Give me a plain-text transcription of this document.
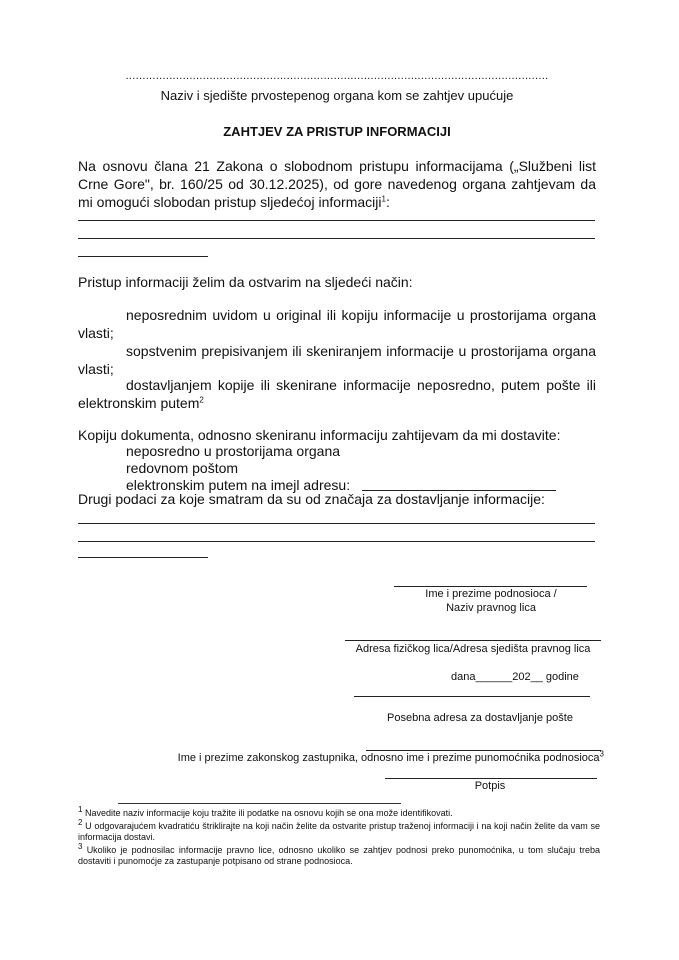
..............................................................................................................................
Naziv i sjedište prvostepenog organa kom se zahtjev upućuje
ZAHTJEV ZA PRISTUP INFORMACIJI
Na osnovu člana 21 Zakona o slobodnom pristupu informacijama („Službeni list Crne Gore", br. 160/25 od 30.12.2025), od gore navedenog organa zahtjevam da mi omogući slobodan pristup sljedećoj informaciji$^1$:
Pristup informaciji želim da ostvarim na sljedeći način:
neposrednim uvidom u original ili kopiju informacije u prostorijama organa vlasti;
sopstvenim prepisivanjem ili skeniranjem informacije u prostorijama organa vlasti;
dostavljanjem kopije ili skenirane informacije neposredno, putem pošte ili elektronskim putem$^2$
Kopiju dokumenta, odnosno skeniranu informaciju zahtijevam da mi dostavite:
neposredno u prostorijama organa
redovnom poštom
elektronskim putem na imejl adresu:
Drugi podaci za koje smatram da su od značaja za dostavljanje informacije:
Ime i prezime podnosioca /
Naziv pravnog lica
Adresa fizičkog lica/Adresa sjedišta pravnog lica
dana______202__ godine
Posebna adresa za dostavljanje pošte
Ime i prezime zakonskog zastupnika, odnosno ime i prezime punomoćnika podnosioca$^3$
Potpis
$^1$ Navedite naziv informacije koju tražite ili podatke na osnovu kojih se ona može identifikovati.
$^2$ U odgovarajućem kvadratiću štriklirajte na koji način želite da ostvarite pristup traženoj informaciji i na koji način želite da vam se informacija dostavi.
$^3$ Ukoliko je podnosilac informacije pravno lice, odnosno ukoliko se zahtjev podnosi preko punomoćnika, u tom slučaju treba dostaviti i punomoćje za zastupanje potpisano od strane podnosioca.
